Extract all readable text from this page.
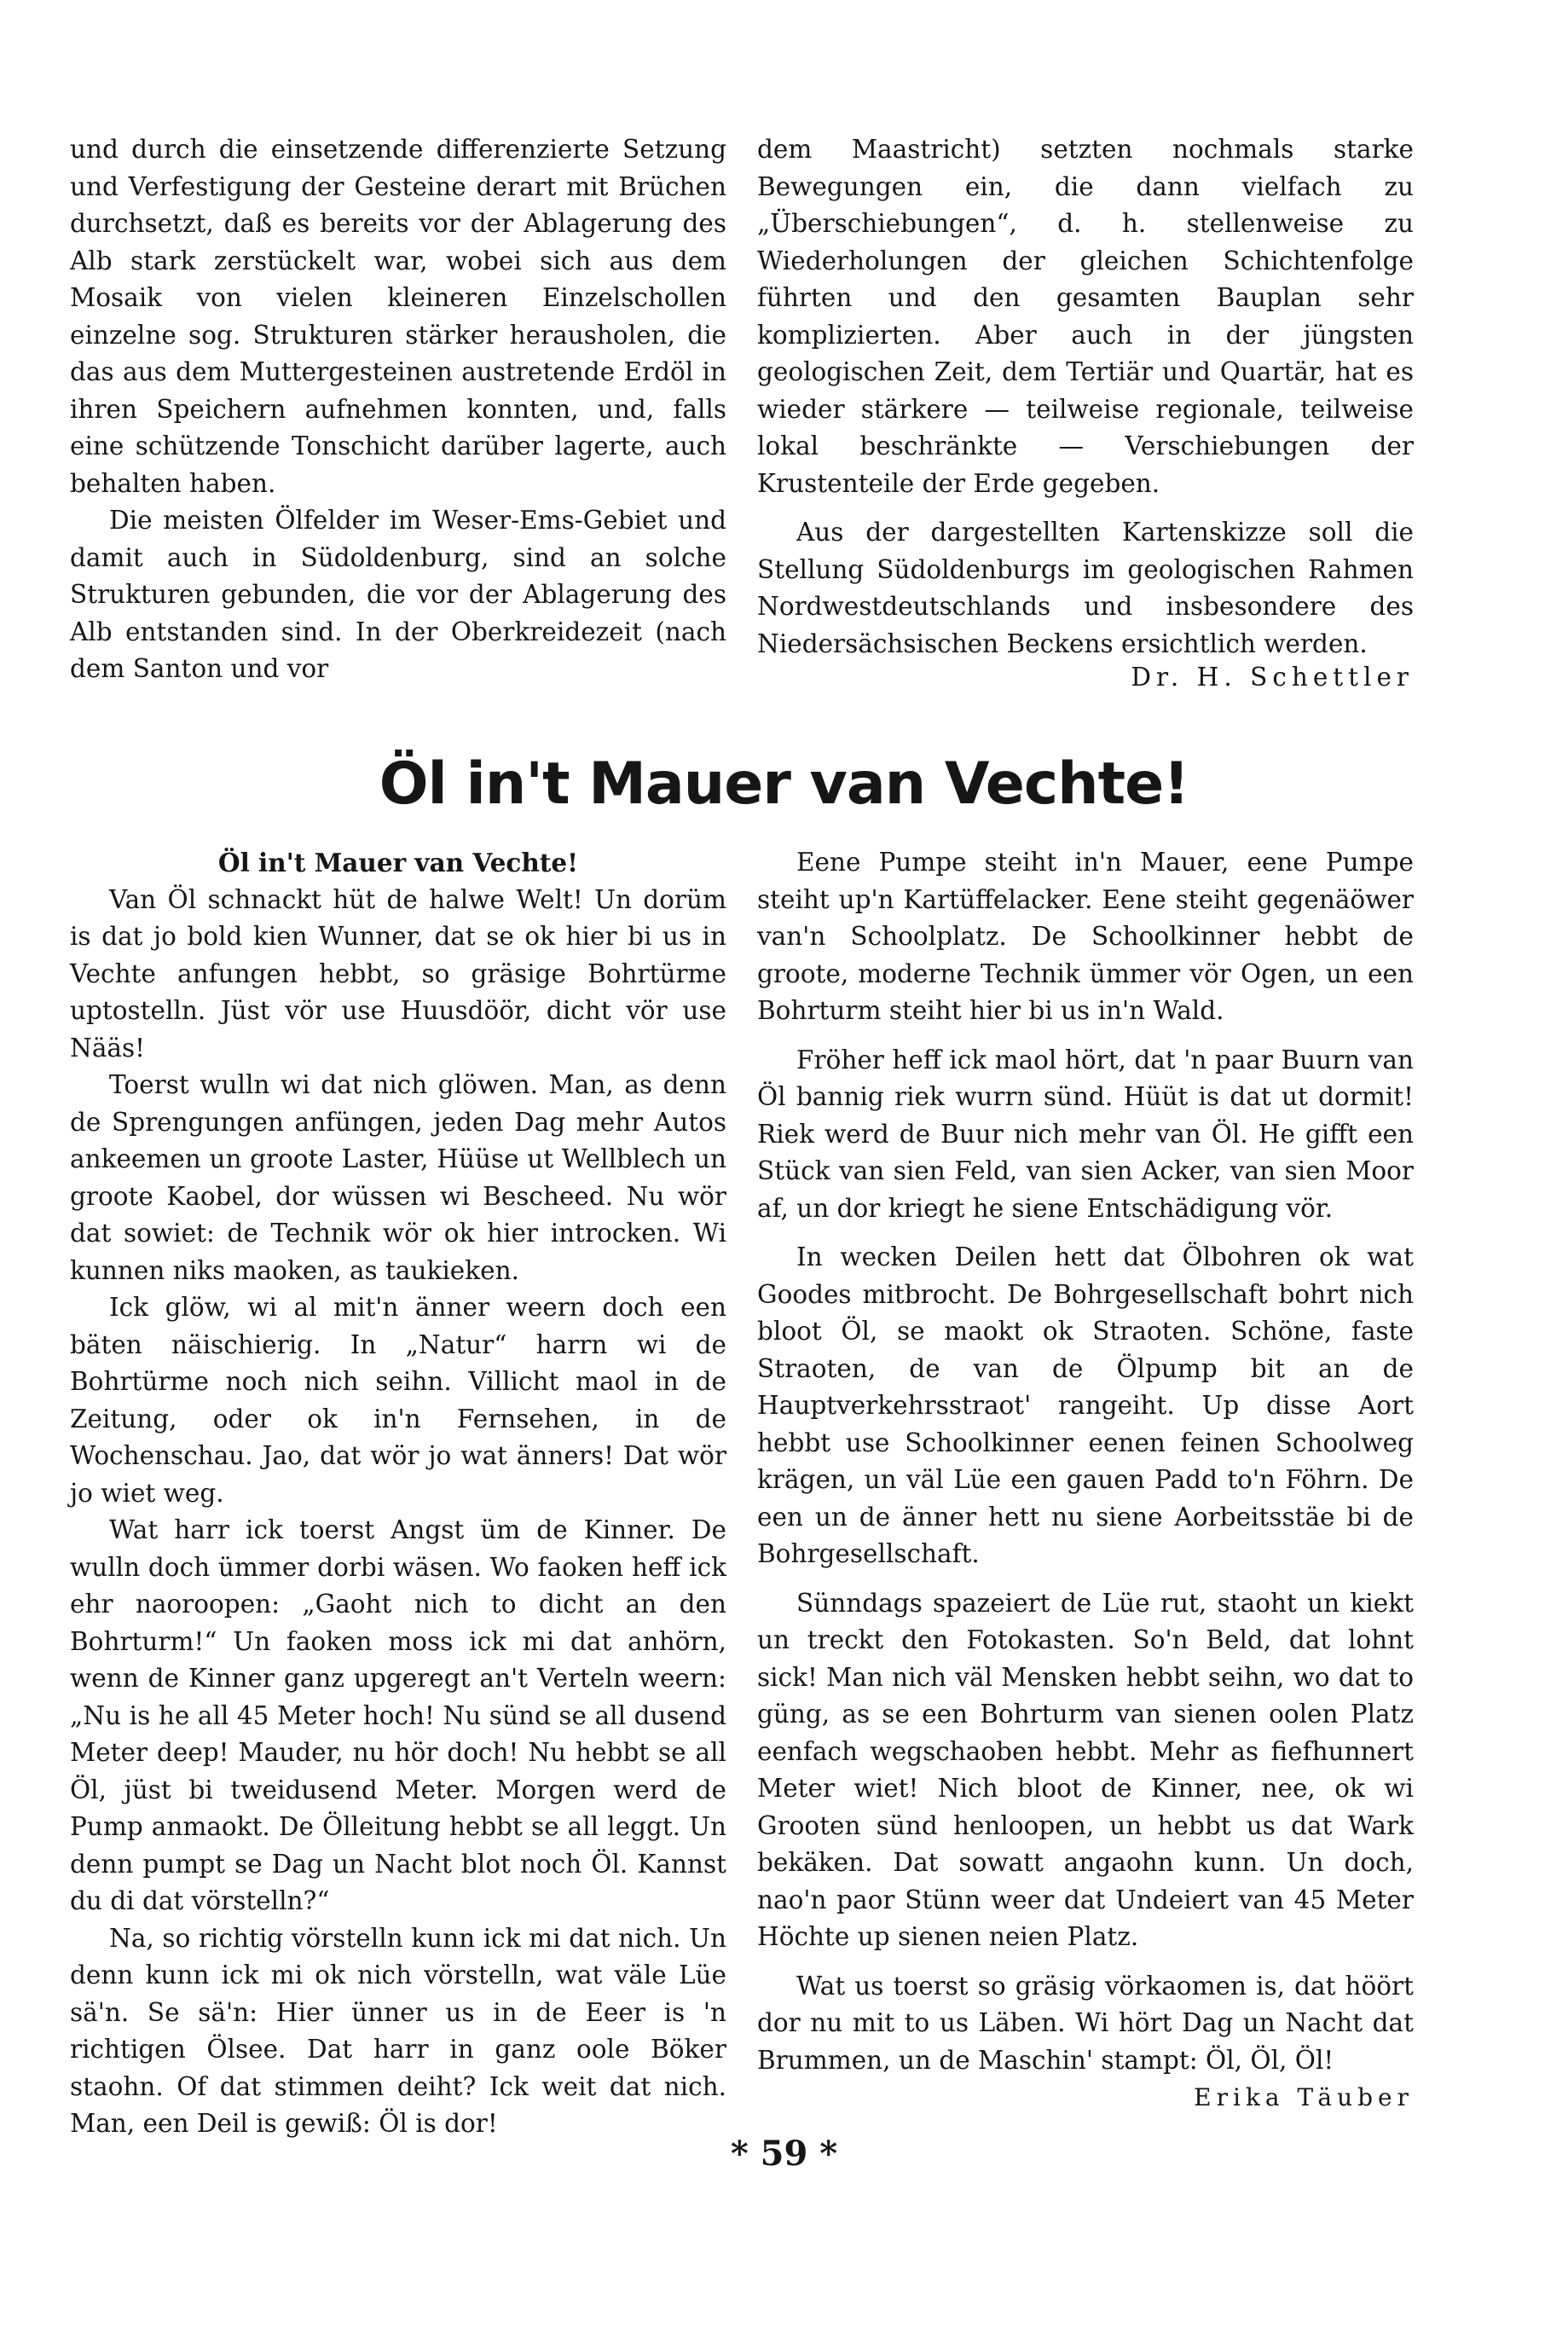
und durch die einsetzende differenzierte Setzung und Verfestigung der Gesteine derart mit Brüchen durchsetzt, daß es bereits vor der Ablagerung des Alb stark zerstückelt war, wobei sich aus dem Mosaik von vielen kleineren Einzelschollen einzelne sog. Strukturen stärker herausholen, die das aus dem Muttergesteinen austretende Erdöl in ihren Speichern aufnehmen konnten, und, falls eine schützende Tonschicht darüber lagerte, auch behalten haben.

Die meisten Ölfelder im Weser-Ems-Gebiet und damit auch in Südoldenburg, sind an solche Strukturen gebunden, die vor der Ablagerung des Alb entstanden sind. In der Oberkreidezeit (nach dem Santon und vor

dem Maastricht) setzten nochmals starke Bewegungen ein, die dann vielfach zu „Überschiebungen“, d. h. stellenweise zu Wiederholungen der gleichen Schichtenfolge führten und den gesamten Bauplan sehr komplizierten. Aber auch in der jüngsten geologischen Zeit, dem Tertiär und Quartär, hat es wieder stärkere — teilweise regionale, teilweise lokal beschränkte — Verschiebungen der Krustenteile der Erde gegeben.

Aus der dargestellten Kartenskizze soll die Stellung Südoldenburgs im geologischen Rahmen Nordwestdeutschlands und insbesondere des Niedersächsischen Beckens ersichtlich werden.

Dr. H. Schettler
Öl in't Mauer van Vechte!

Öl in't Mauer van Vechte!

Van Öl schnackt hüt de halwe Welt! Un dorüm is dat jo bold kien Wunner, dat se ok hier bi us in Vechte anfungen hebbt, so gräsige Bohrtürme uptostelln. Jüst vör use Huusdöör, dicht vör use Nääs!

Toerst wulln wi dat nich glöwen. Man, as denn de Sprengungen anfüngen, jeden Dag mehr Autos ankeemen un groote Laster, Hüüse ut Wellblech un groote Kaobel, dor wüssen wi Bescheed. Nu wör dat sowiet: de Technik wör ok hier introcken. Wi kunnen niks maoken, as taukieken.

Ick glöw, wi al mit'n änner weern doch een bäten näischierig. In „Natur“ harrn wi de Bohrtürme noch nich seihn. Villicht maol in de Zeitung, oder ok in'n Fernsehen, in de Wochenschau. Jao, dat wör jo wat änners! Dat wör jo wiet weg.

Wat harr ick toerst Angst üm de Kinner. De wulln doch ümmer dorbi wäsen. Wo faoken heff ick ehr naoroopen: „Gaoht nich to dicht an den Bohrturm!“ Un faoken moss ick mi dat anhörn, wenn de Kinner ganz upgeregt an't Verteln weern: „Nu is he all 45 Meter hoch! Nu sünd se all dusend Meter deep! Mauder, nu hör doch! Nu hebbt se all Öl, jüst bi tweidusend Meter. Morgen werd de Pump anmaokt. De Ölleitung hebbt se all leggt. Un denn pumpt se Dag un Nacht blot noch Öl. Kannst du di dat vörstelln?“

Na, so richtig vörstelln kunn ick mi dat nich. Un denn kunn ick mi ok nich vörstelln, wat väle Lüe sä'n. Se sä'n: Hier ünner us in de Eeer is 'n richtigen Ölsee. Dat harr in ganz oole Böker staohn. Of dat stimmen deiht? Ick weit dat nich. Man, een Deil is gewiß: Öl is dor!

Eene Pumpe steiht in'n Mauer, eene Pumpe steiht up'n Kartüffelacker. Eene steiht gegenäöwer van'n Schoolplatz. De Schoolkinner hebbt de groote, moderne Technik ümmer vör Ogen, un een Bohrturm steiht hier bi us in'n Wald.

Fröher heff ick maol hört, dat 'n paar Buurn van Öl bannig riek wurrn sünd. Hüüt is dat ut dormit! Riek werd de Buur nich mehr van Öl. He gifft een Stück van sien Feld, van sien Acker, van sien Moor af, un dor kriegt he siene Entschädigung vör.

In wecken Deilen hett dat Ölbohren ok wat Goodes mitbrocht. De Bohrgesellschaft bohrt nich bloot Öl, se maokt ok Straoten. Schöne, faste Straoten, de van de Ölpump bit an de Hauptverkehrsstraot' rangeiht. Up disse Aort hebbt use Schoolkinner eenen feinen Schoolweg krägen, un väl Lüe een gauen Padd to'n Föhrn. De een un de änner hett nu siene Aorbeitsstäe bi de Bohrgesellschaft.

Sünndags spazeiert de Lüe rut, staoht un kiekt un treckt den Fotokasten. So'n Beld, dat lohnt sick! Man nich väl Mensken hebbt seihn, wo dat to güng, as se een Bohrturm van sienen oolen Platz eenfach wegschaoben hebbt. Mehr as fiefhunnert Meter wiet! Nich bloot de Kinner, nee, ok wi Grooten sünd henloopen, un hebbt us dat Wark bekäken. Dat sowatt angaohn kunn. Un doch, nao'n paor Stünn weer dat Undeiert van 45 Meter Höchte up sienen neien Platz.

Wat us toerst so gräsig vörkaomen is, dat höört dor nu mit to us Läben. Wi hört Dag un Nacht dat Brummen, un de Maschin' stampt: Öl, Öl, Öl!

Erika Täuber

* 59 *
